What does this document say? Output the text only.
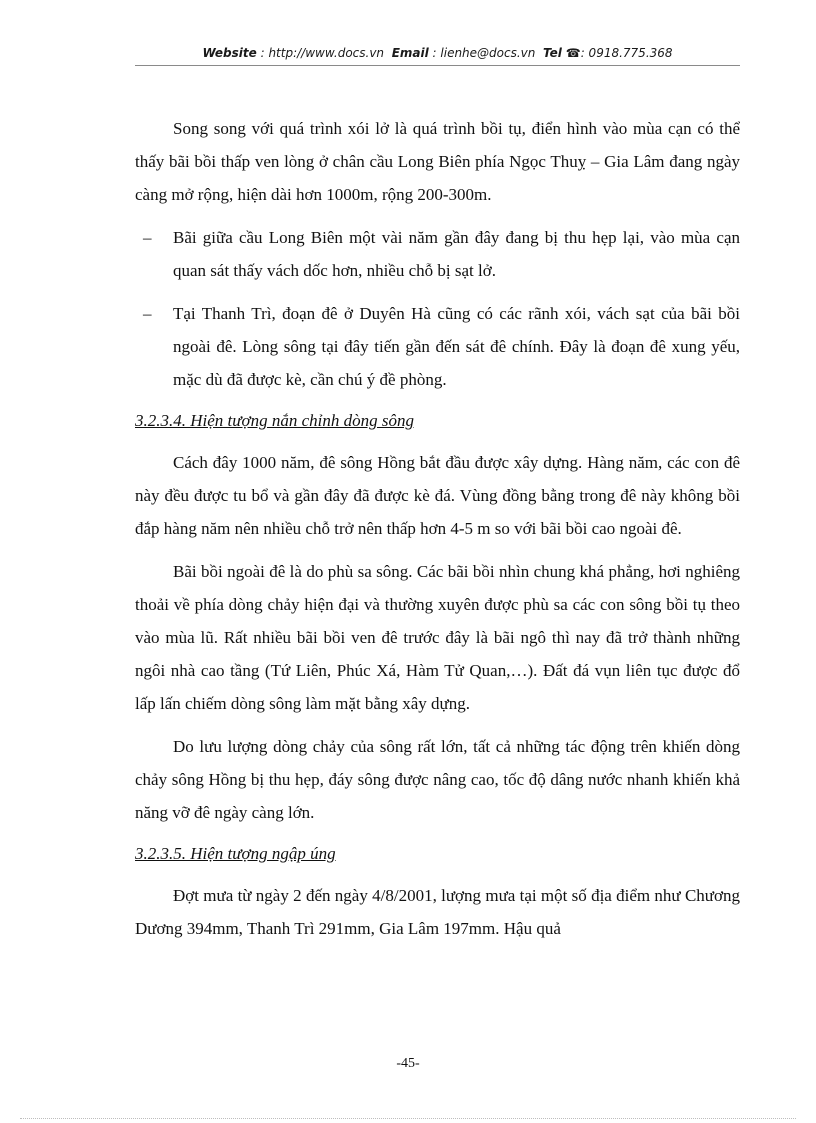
Website : http://www.docs.vn Email : lienhe@docs.vn Tel ☎: 0918.775.368

Song song với quá trình xói lở là quá trình bồi tụ, điển hình vào mùa cạn có thể thấy bãi bồi thấp ven lòng ở chân cầu Long Biên phía Ngọc Thuỵ – Gia Lâm đang ngày càng mở rộng, hiện dài hơn 1000m, rộng 200-300m.

– Bãi giữa cầu Long Biên một vài năm gần đây đang bị thu hẹp lại, vào mùa cạn quan sát thấy vách dốc hơn, nhiều chỗ bị sạt lở.
– Tại Thanh Trì, đoạn đê ở Duyên Hà cũng có các rãnh xói, vách sạt của bãi bồi ngoài đê. Lòng sông tại đây tiến gần đến sát đê chính. Đây là đoạn đê xung yếu, mặc dù đã được kè, cần chú ý đề phòng.
3.2.3.4. Hiện tượng nắn chỉnh dòng sông

Cách đây 1000 năm, đê sông Hồng bắt đầu được xây dựng. Hàng năm, các con đê này đều được tu bổ và gần đây đã được kè đá. Vùng đồng bằng trong đê này không bồi đắp hàng năm nên nhiều chỗ trở nên thấp hơn 4-5 m so với bãi bồi cao ngoài đê.

Bãi bồi ngoài đê là do phù sa sông. Các bãi bồi nhìn chung khá phẳng, hơi nghiêng thoải về phía dòng chảy hiện đại và thường xuyên được phù sa các con sông bồi tụ theo vào mùa lũ. Rất nhiều bãi bồi ven đê trước đây là bãi ngô thì nay đã trở thành những ngôi nhà cao tầng (Tứ Liên, Phúc Xá, Hàm Tử Quan,…). Đất đá vụn liên tục được đổ lấp lấn chiếm dòng sông làm mặt bằng xây dựng.

Do lưu lượng dòng chảy của sông rất lớn, tất cả những tác động trên khiến dòng chảy sông Hồng bị thu hẹp, đáy sông được nâng cao, tốc độ dâng nước nhanh khiến khả năng vỡ đê ngày càng lớn.

3.2.3.5. Hiện tượng ngập úng

Đợt mưa từ ngày 2 đến ngày 4/8/2001, lượng mưa tại một số địa điểm như Chương Dương 394mm, Thanh Trì 291mm, Gia Lâm 197mm. Hậu quả

-45-
